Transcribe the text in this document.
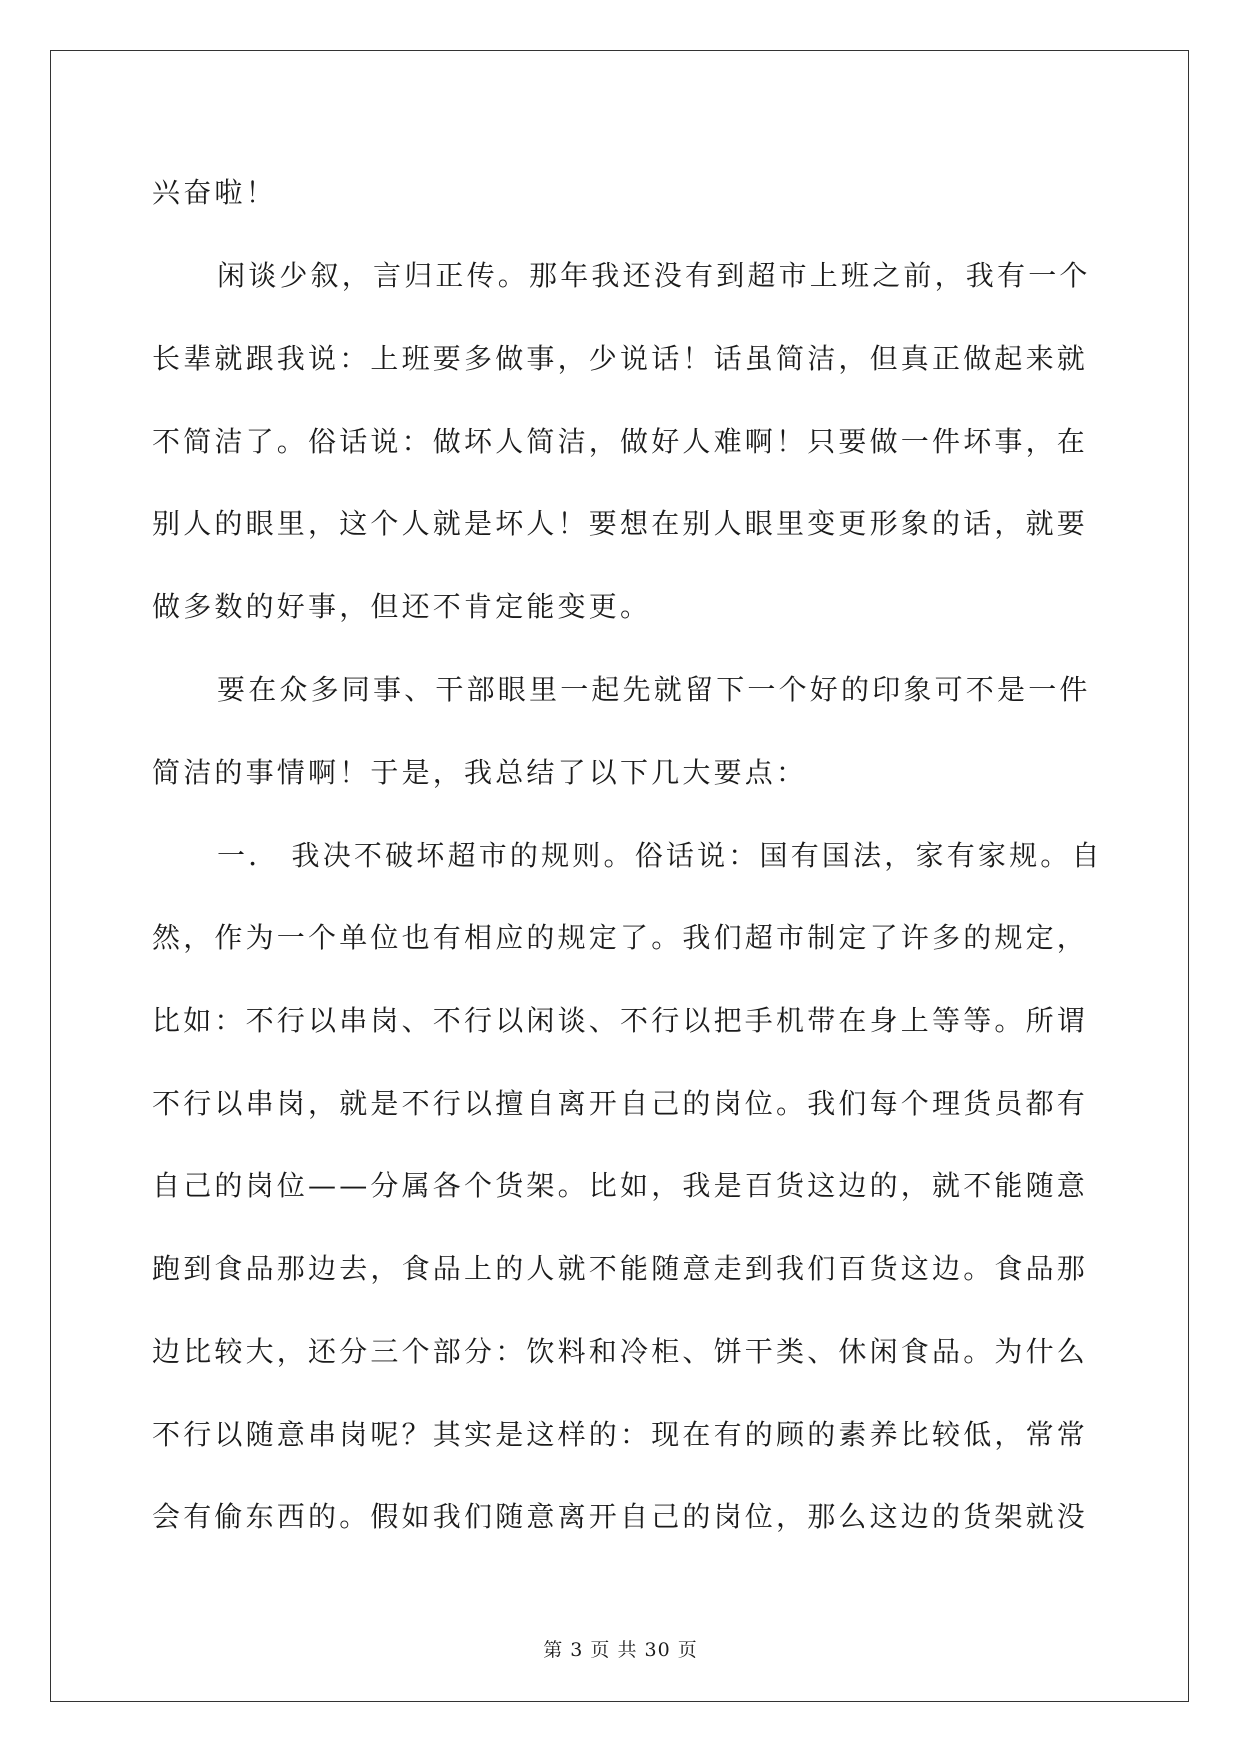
兴奋啦！
闲谈少叙，言归正传。那年我还没有到超市上班之前，我有一个
长辈就跟我说：上班要多做事，少说话！话虽简洁，但真正做起来就
不简洁了。俗话说：做坏人简洁，做好人难啊！只要做一件坏事，在
别人的眼里，这个人就是坏人！要想在别人眼里变更形象的话，就要
做多数的好事，但还不肯定能变更。
要在众多同事、干部眼里一起先就留下一个好的印象可不是一件
简洁的事情啊！于是，我总结了以下几大要点：
一． 我决不破坏超市的规则。俗话说：国有国法，家有家规。自
然，作为一个单位也有相应的规定了。我们超市制定了许多的规定，
比如：不行以串岗、不行以闲谈、不行以把手机带在身上等等。所谓
不行以串岗，就是不行以擅自离开自己的岗位。我们每个理货员都有
自己的岗位——分属各个货架。比如，我是百货这边的，就不能随意
跑到食品那边去，食品上的人就不能随意走到我们百货这边。食品那
边比较大，还分三个部分：饮料和冷柜、饼干类、休闲食品。为什么
不行以随意串岗呢？其实是这样的：现在有的顾的素养比较低，常常
会有偷东西的。假如我们随意离开自己的岗位，那么这边的货架就没
第 3 页 共 30 页
